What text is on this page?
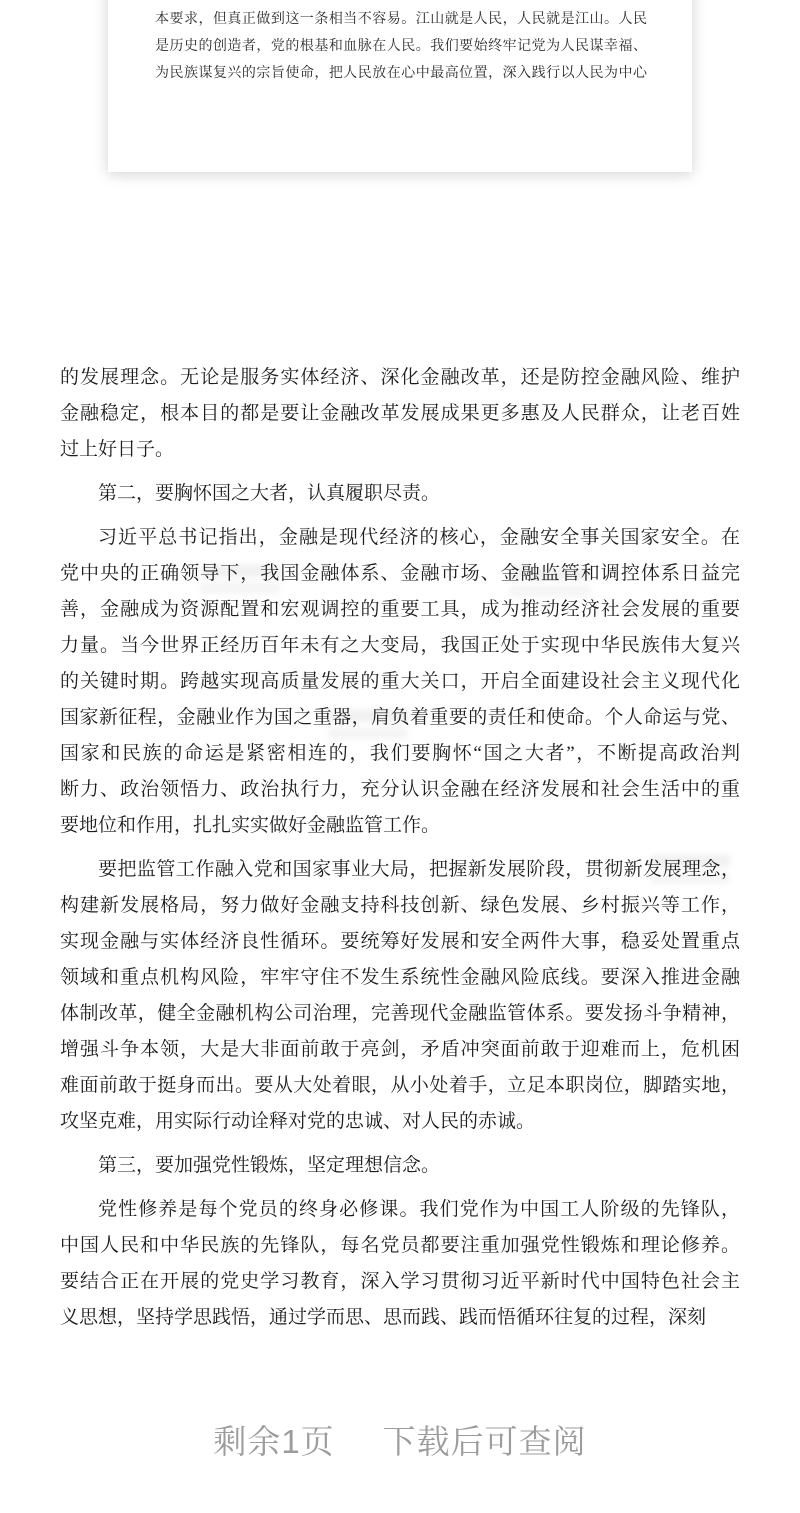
本要求，但真正做到这一条相当不容易。江山就是人民，人民就是江山。人民
是历史的创造者，党的根基和血脉在人民。我们要始终牢记党为人民谋幸福、
为民族谋复兴的宗旨使命，把人民放在心中最高位置，深入践行以人民为中心
的发展理念。无论是服务实体经济、深化金融改革，还是防控金融风险、维护
金融稳定，根本目的都是要让金融改革发展成果更多惠及人民群众，让老百姓
过上好日子。
第二，要胸怀国之大者，认真履职尽责。
习近平总书记指出，金融是现代经济的核心，金融安全事关国家安全。在
党中央的正确领导下，我国金融体系、金融市场、金融监管和调控体系日益完
善，金融成为资源配置和宏观调控的重要工具，成为推动经济社会发展的重要
力量。当今世界正经历百年未有之大变局，我国正处于实现中华民族伟大复兴
的关键时期。跨越实现高质量发展的重大关口，开启全面建设社会主义现代化
国家新征程，金融业作为国之重器，肩负着重要的责任和使命。个人命运与党、
国家和民族的命运是紧密相连的，我们要胸怀“国之大者”，不断提高政治判
断力、政治领悟力、政治执行力，充分认识金融在经济发展和社会生活中的重
要地位和作用，扎扎实实做好金融监管工作。
要把监管工作融入党和国家事业大局，把握新发展阶段，贯彻新发展理念，
构建新发展格局，努力做好金融支持科技创新、绿色发展、乡村振兴等工作，
实现金融与实体经济良性循环。要统筹好发展和安全两件大事，稳妥处置重点
领域和重点机构风险，牢牢守住不发生系统性金融风险底线。要深入推进金融
体制改革，健全金融机构公司治理，完善现代金融监管体系。要发扬斗争精神，
增强斗争本领，大是大非面前敢于亮剑，矛盾冲突面前敢于迎难而上，危机困
难面前敢于挺身而出。要从大处着眼，从小处着手，立足本职岗位，脚踏实地，
攻坚克难，用实际行动诠释对党的忠诚、对人民的赤诚。
第三，要加强党性锻炼，坚定理想信念。
党性修养是每个党员的终身必修课。我们党作为中国工人阶级的先锋队，
中国人民和中华民族的先锋队，每名党员都要注重加强党性锻炼和理论修养。
要结合正在开展的党史学习教育，深入学习贯彻习近平新时代中国特色社会主
义思想，坚持学思践悟，通过学而思、思而践、践而悟循环往复的过程，深刻
剩余1页 下载后可查阅
